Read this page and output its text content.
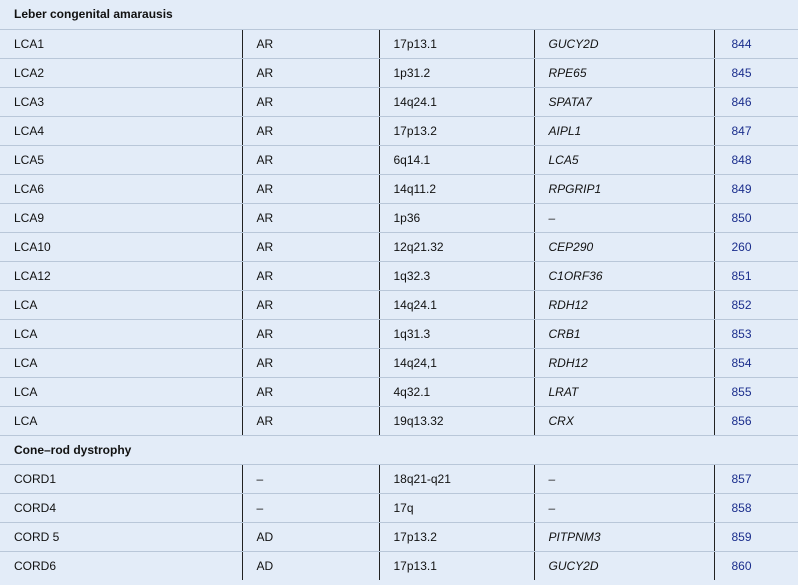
Leber congenital amarausis				
LCA1	AR	17p13.1	GUCY2D	844
LCA2	AR	1p31.2	RPE65	845
LCA3	AR	14q24.1	SPATA7	846
LCA4	AR	17p13.2	AIPL1	847
LCA5	AR	6q14.1	LCA5	848
LCA6	AR	14q11.2	RPGRIP1	849
LCA9	AR	1p36	–	850
LCA10	AR	12q21.32	CEP290	260
LCA12	AR	1q32.3	C1ORF36	851
LCA	AR	14q24.1	RDH12	852
LCA	AR	1q31.3	CRB1	853
LCA	AR	14q24,1	RDH12	854
LCA	AR	4q32.1	LRAT	855
LCA	AR	19q13.32	CRX	856
Cone–rod dystrophy				
CORD1	–	18q21-q21	–	857
CORD4	–	17q	–	858
CORD 5	AD	17p13.2	PITPNM3	859
CORD6	AD	17p13.1	GUCY2D	860
